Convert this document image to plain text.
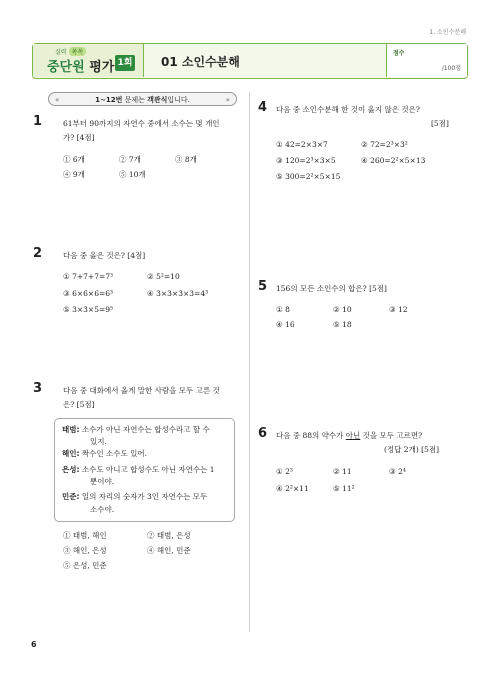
1. 소인수분해
실력 쏙쏙
중단원 평가 1회 01 소인수분해
점수
/100점
«	1~12번 문제는 객관식입니다.	»
1	61부터 90까지의 자연수 중에서 소수는 몇 개인
가? [4점]
① 6개	② 7개	③ 8개
④ 9개	⑤ 10개
2	다음 중 옳은 것은? [4점]
① 7+7+7=7³	② 5²=10
③ 6×6×6=6³	④ 3×3×3×3=4³
⑤ 3×3×5=9⁵
3	다음 중 대화에서 옳게 말한 사람을 모두 고른 것
은? [5점]
태범: 소수가 아닌 자연수는 합성수라고 할 수
있지.
해인: 짝수인 소수도 있어.
은성: 소수도 아니고 합성수도 아닌 자연수는 1
뿐이야.
민준: 일의 자리의 숫자가 3인 자연수는 모두
소수야.
① 태범, 해인	② 태범, 은성
③ 해인, 은성	④ 해인, 민준
⑤ 은성, 민준
4 다음 중 소인수분해 한 것이 옳지 않은 것은?
[5점]
① 42=2×3×7	② 72=2³×3²
③ 120=2³×3×5	④ 260=2²×5×13
⑤ 300=2²×5×15
5 156의 모든 소인수의 합은? [5점]
① 8	② 10	③ 12
④ 16	⑤ 18
6 다음 중 88의 약수가 아닌 것을 모두 고르면?
(정답 2개) [5점]
① 2³	② 11	③ 2⁴
④ 2²×11	⑤ 11²
6
